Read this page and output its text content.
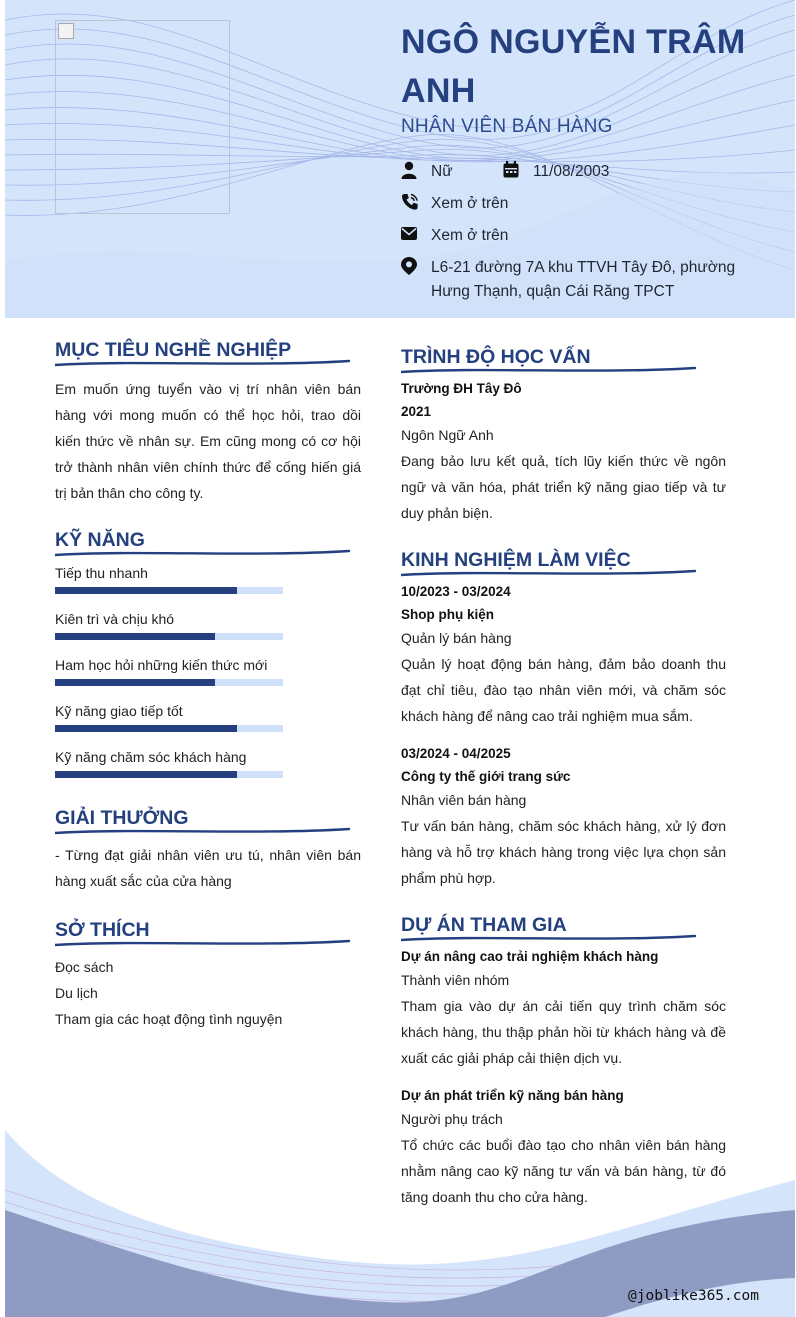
NGÔ NGUYỄN TRÂM ANH
NHÂN VIÊN BÁN HÀNG
Nữ	11/08/2003
Xem ở trên
Xem ở trên
L6-21 đường 7A khu TTVH Tây Đô, phường Hưng Thạnh, quận Cái Răng TPCT
MỤC TIÊU NGHỀ NGHIỆP
Em muốn ứng tuyển vào vị trí nhân viên bán hàng với mong muốn có thể học hỏi, trao dồi kiến thức về nhân sự. Em cũng mong có cơ hội trở thành nhân viên chính thức để cống hiến giá trị bản thân cho công ty.
KỸ NĂNG
Tiếp thu nhanh
Kiên trì và chịu khó
Ham học hỏi những kiến thức mới
Kỹ năng giao tiếp tốt
Kỹ năng chăm sóc khách hàng
GIẢI THƯỞNG
- Từng đạt giải nhân viên ưu tú, nhân viên bán hàng xuất sắc của cửa hàng
SỞ THÍCH
Đọc sách
Du lịch
Tham gia các hoạt động tình nguyện
TRÌNH ĐỘ HỌC VẤN
Trường ĐH Tây Đô
2021
Ngôn Ngữ Anh
Đang bảo lưu kết quả, tích lũy kiến thức về ngôn ngữ và văn hóa, phát triển kỹ năng giao tiếp và tư duy phản biện.
KINH NGHIỆM LÀM VIỆC
10/2023 - 03/2024
Shop phụ kiện
Quản lý bán hàng
Quản lý hoạt động bán hàng, đảm bảo doanh thu đạt chỉ tiêu, đào tạo nhân viên mới, và chăm sóc khách hàng để nâng cao trải nghiệm mua sắm.
03/2024 - 04/2025
Công ty thế giới trang sức
Nhân viên bán hàng
Tư vấn bán hàng, chăm sóc khách hàng, xử lý đơn hàng và hỗ trợ khách hàng trong việc lựa chọn sản phẩm phù hợp.
DỰ ÁN THAM GIA
Dự án nâng cao trải nghiệm khách hàng
Thành viên nhóm
Tham gia vào dự án cải tiến quy trình chăm sóc khách hàng, thu thập phản hồi từ khách hàng và đề xuất các giải pháp cải thiện dịch vụ.
Dự án phát triển kỹ năng bán hàng
Người phụ trách
Tổ chức các buổi đào tạo cho nhân viên bán hàng nhằm nâng cao kỹ năng tư vấn và bán hàng, từ đó tăng doanh thu cho cửa hàng.
@joblike365.com
